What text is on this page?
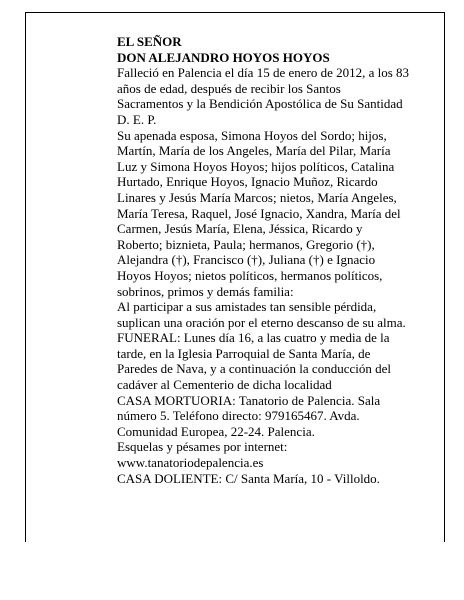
EL SEÑOR
DON ALEJANDRO HOYOS HOYOS
Falleció en Palencia el día 15 de enero de 2012, a los 83
años de edad, después de recibir los Santos
Sacramentos y la Bendición Apostólica de Su Santidad
D. E. P.
Su apenada esposa, Simona Hoyos del Sordo; hijos,
Martín, María de los Angeles, María del Pilar, María
Luz y Simona Hoyos Hoyos; hijos políticos, Catalina
Hurtado, Enrique Hoyos, Ignacio Muñoz, Ricardo
Linares y Jesús María Marcos; nietos, María Angeles,
María Teresa, Raquel, José Ignacio, Xandra, María del
Carmen, Jesús María, Elena, Jéssica, Ricardo y
Roberto; biznieta, Paula; hermanos, Gregorio (†),
Alejandra (†), Francisco (†), Juliana (†) e Ignacio
Hoyos Hoyos; nietos políticos, hermanos políticos,
sobrinos, primos y demás familia:
Al participar a sus amistades tan sensible pérdida,
suplican una oración por el eterno descanso de su alma.
FUNERAL: Lunes día 16, a las cuatro y media de la
tarde, en la Iglesia Parroquial de Santa María, de
Paredes de Nava, y a continuación la conducción del
cadáver al Cementerio de dicha localidad
CASA MORTUORIA: Tanatorio de Palencia. Sala
número 5. Teléfono directo: 979165467. Avda.
Comunidad Europea, 22-24. Palencia.
Esquelas y pésames por internet:
www.tanatoriodepalencia.es
CASA DOLIENTE: C/ Santa María, 10 - Villoldo.
